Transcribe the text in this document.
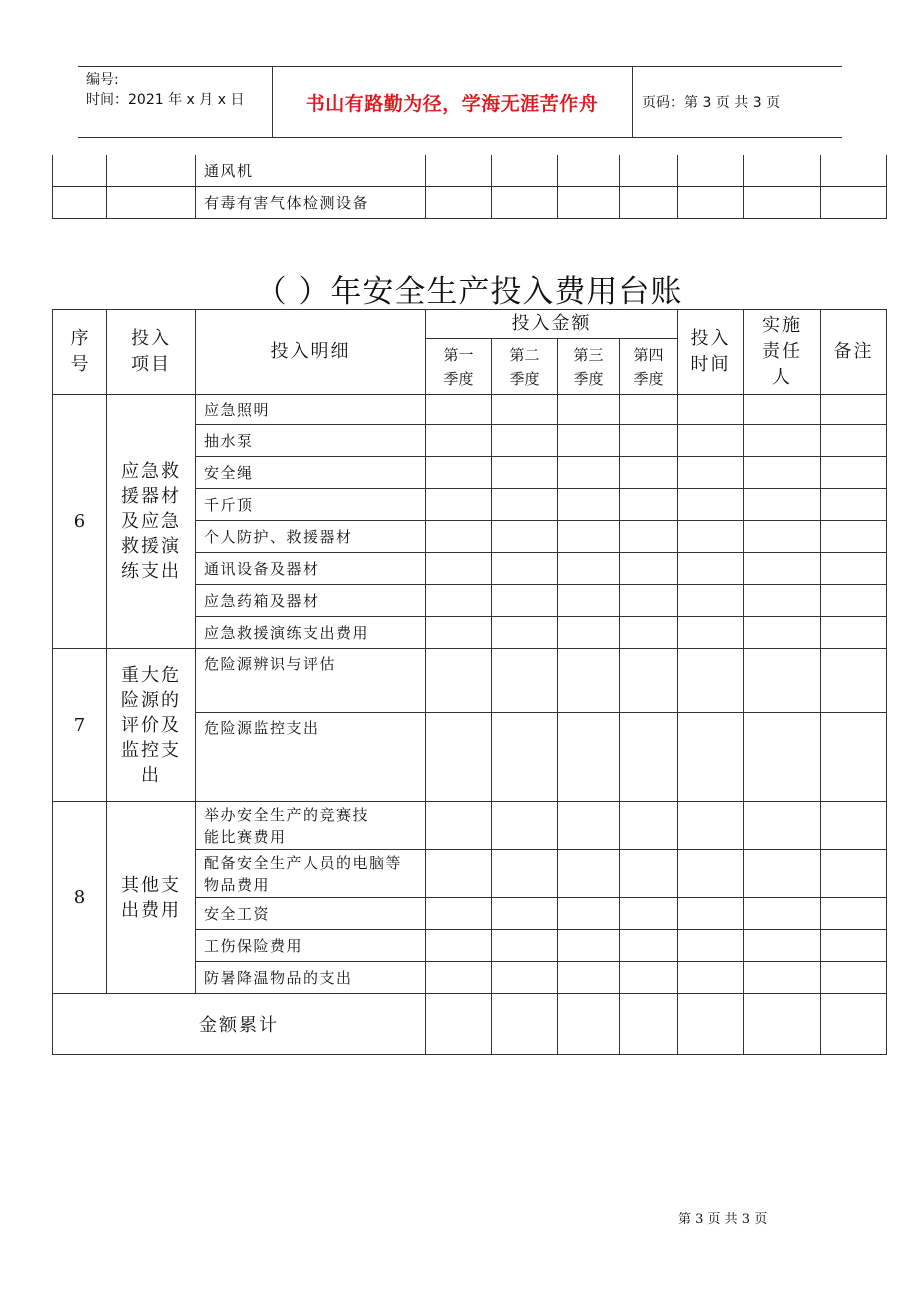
编号:
时间：2021 年 x 月 x 日	书山有路勤为径，学海无涯苦作舟	页码：第 3 页 共 3 页
		通风机							
		有毒有害气体检测设备							
（ ）年安全生产投入费用台账
序号	投入项目	投入明细	投入金额				投入时间	实施责任人	备注

			第一季度	第二季度	第三季度	第四季度			

6	应急救援器材及应急救援演练支出	应急照明							
		抽水泵							
		安全绳							
		千斤顶							
		个人防护、救援器材							
		通讯设备及器材							
		应急药箱及器材							
		应急救援演练支出费用							
7	重大危险源的评价及监控支出	危险源辨识与评估							
		危险源监控支出							
8	其他支出费用	举办安全生产的竞赛技能比赛费用							

		配备安全生产人员的电脑等物品费用							

		安全工资							
		工伤保险费用							
		防暑降温物品的支出							
金额累计									
第 3 页 共 3 页
